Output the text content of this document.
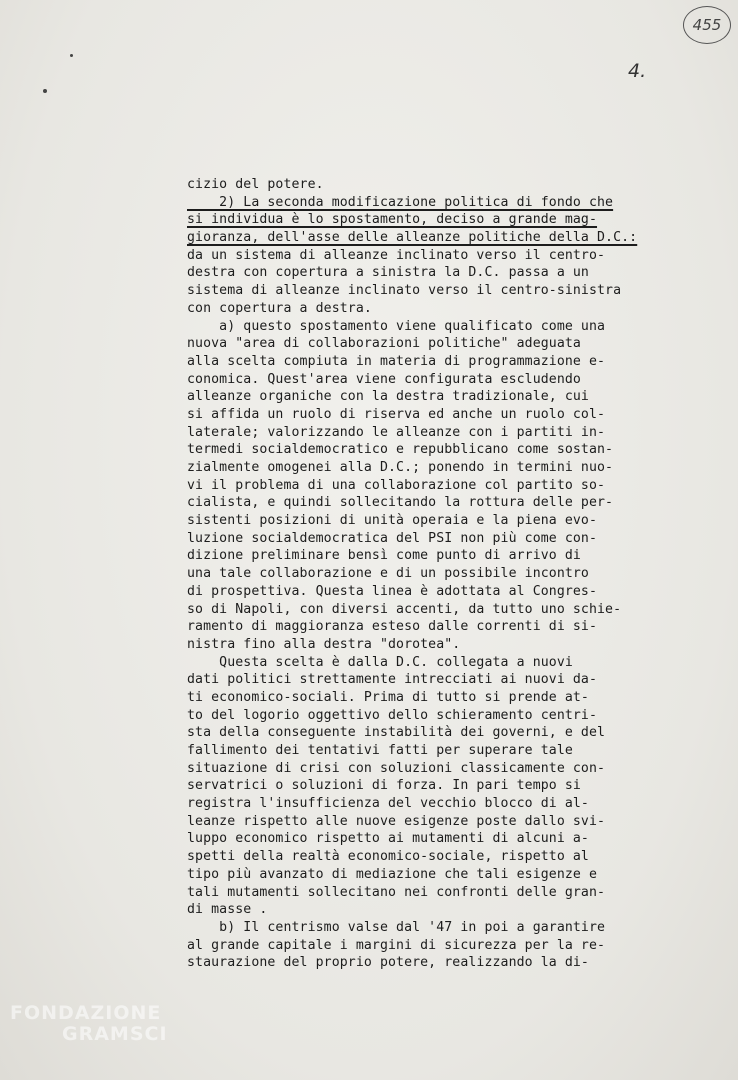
455
4.
cizio del potere.
2) La seconda modificazione politica di fondo che
si individua è lo spostamento, deciso a grande mag-
gioranza, dell'asse delle alleanze politiche della D.C.:
da un sistema di alleanze inclinato verso il centro-
destra con copertura a sinistra la D.C. passa a un
sistema di alleanze inclinato verso il centro-sinistra
con copertura a destra.
a) questo spostamento viene qualificato come una
nuova "area di collaborazioni politiche" adeguata
alla scelta compiuta in materia di programmazione e-
conomica. Quest'area viene configurata escludendo
alleanze organiche con la destra tradizionale, cui
si affida un ruolo di riserva ed anche un ruolo col-
laterale; valorizzando le alleanze con i partiti in-
termedi socialdemocratico e repubblicano come sostan-
zialmente omogenei alla D.C.; ponendo in termini nuo-
vi il problema di una collaborazione col partito so-
cialista, e quindi sollecitando la rottura delle per-
sistenti posizioni di unità operaia e la piena evo-
luzione socialdemocratica del PSI non più come con-
dizione preliminare bensì come punto di arrivo di
una tale collaborazione e di un possibile incontro
di prospettiva. Questa linea è adottata al Congres-
so di Napoli, con diversi accenti, da tutto uno schie-
ramento di maggioranza esteso dalle correnti di si-
nistra fino alla destra "dorotea".
Questa scelta è dalla D.C. collegata a nuovi
dati politici strettamente intrecciati ai nuovi da-
ti economico-sociali. Prima di tutto si prende at-
to del logorio oggettivo dello schieramento centri-
sta della conseguente instabilità dei governi, e del
fallimento dei tentativi fatti per superare tale
situazione di crisi con soluzioni classicamente con-
servatrici o soluzioni di forza. In pari tempo si
registra l'insufficienza del vecchio blocco di al-
leanze rispetto alle nuove esigenze poste dallo svi-
luppo economico rispetto ai mutamenti di alcuni a-
spetti della realtà economico-sociale, rispetto al
tipo più avanzato di mediazione che tali esigenze e
tali mutamenti sollecitano nei confronti delle gran-
di masse .
b) Il centrismo valse dal '47 in poi a garantire
al grande capitale i margini di sicurezza per la re-
staurazione del proprio potere, realizzando la di-
FONDAZIONE
GRAMSCI
